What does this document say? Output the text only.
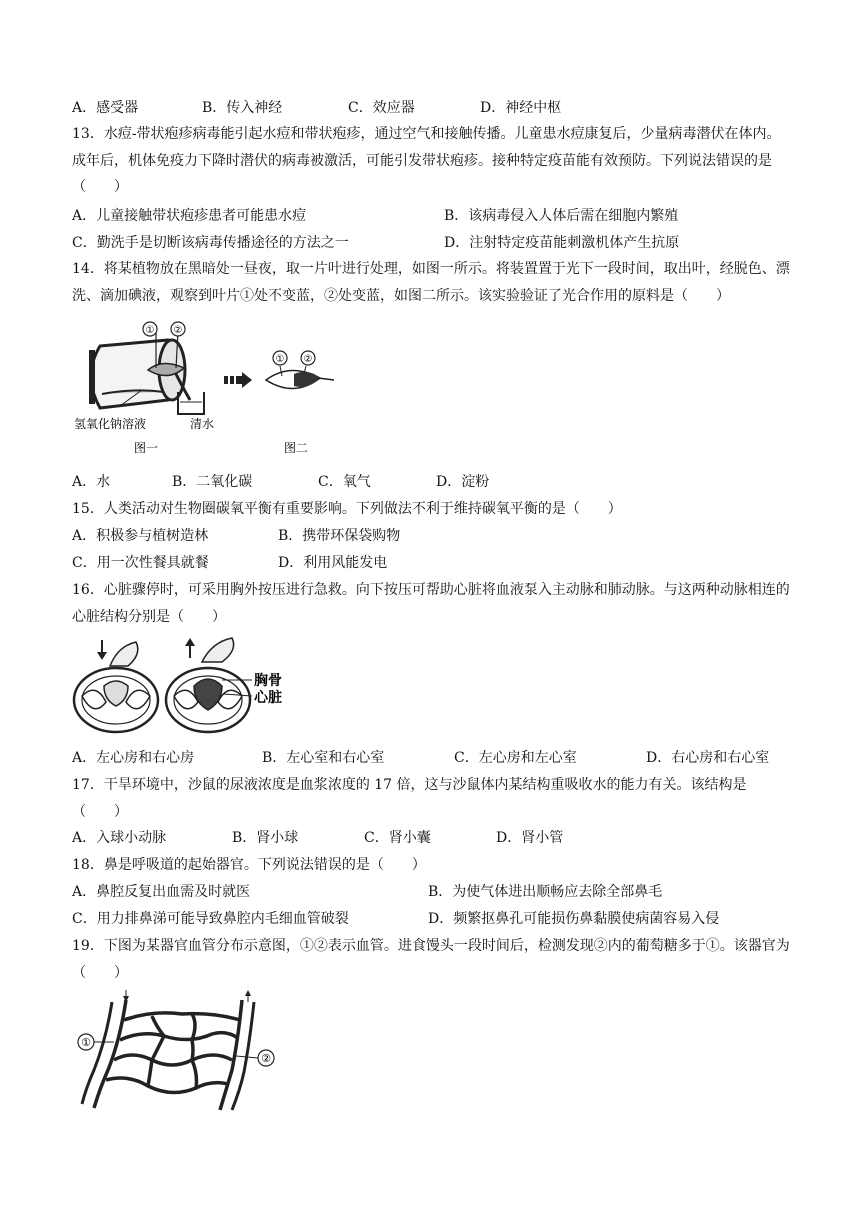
A．感受器	B．传入神经	C．效应器	D．神经中枢
13．水痘-带状疱疹病毒能引起水痘和带状疱疹，通过空气和接触传播。儿童患水痘康复后，少量病毒潜伏在体内。成年后，机体免疫力下降时潜伏的病毒被激活，可能引发带状疱疹。接种特定疫苗能有效预防。下列说法错误的是（　　）
A．儿童接触带状疱疹患者可能患水痘	B．该病毒侵入人体后需在细胞内繁殖
C．勤洗手是切断该病毒传播途径的方法之一	D．注射特定疫苗能刺激机体产生抗原
14．将某植物放在黑暗处一昼夜，取一片叶进行处理，如图一所示。将装置置于光下一段时间，取出叶，经脱色、漂洗、滴加碘液，观察到叶片①处不变蓝，②处变蓝，如图二所示。该实验验证了光合作用的原料是（　　）
① ②
氢氧化钠溶液	清水
图一
① ②
图二
A．水	B．二氧化碳	C．氧气	D．淀粉
15．人类活动对生物圈碳氧平衡有重要影响。下列做法不利于维持碳氧平衡的是（　　）
A．积极参与植树造林	B．携带环保袋购物
C．用一次性餐具就餐	D．利用风能发电
16．心脏骤停时，可采用胸外按压进行急救。向下按压可帮助心脏将血液泵入主动脉和肺动脉。与这两种动脉相连的心脏结构分别是（　　）
胸骨
心脏
A．左心房和右心房	B．左心室和右心室	C．左心房和左心室	D．右心房和右心室
17．干旱环境中，沙鼠的尿液浓度是血浆浓度的 17 倍，这与沙鼠体内某结构重吸收水的能力有关。该结构是（　　）
A．入球小动脉	B．肾小球	C．肾小囊	D．肾小管
18．鼻是呼吸道的起始器官。下列说法错误的是（　　）
A．鼻腔反复出血需及时就医	B．为使气体进出顺畅应去除全部鼻毛
C．用力排鼻涕可能导致鼻腔内毛细血管破裂	D．频繁抠鼻孔可能损伤鼻黏膜使病菌容易入侵
19．下图为某器官血管分布示意图，①②表示血管。进食馒头一段时间后，检测发现②内的葡萄糖多于①。该器官为（　　）
①
②
